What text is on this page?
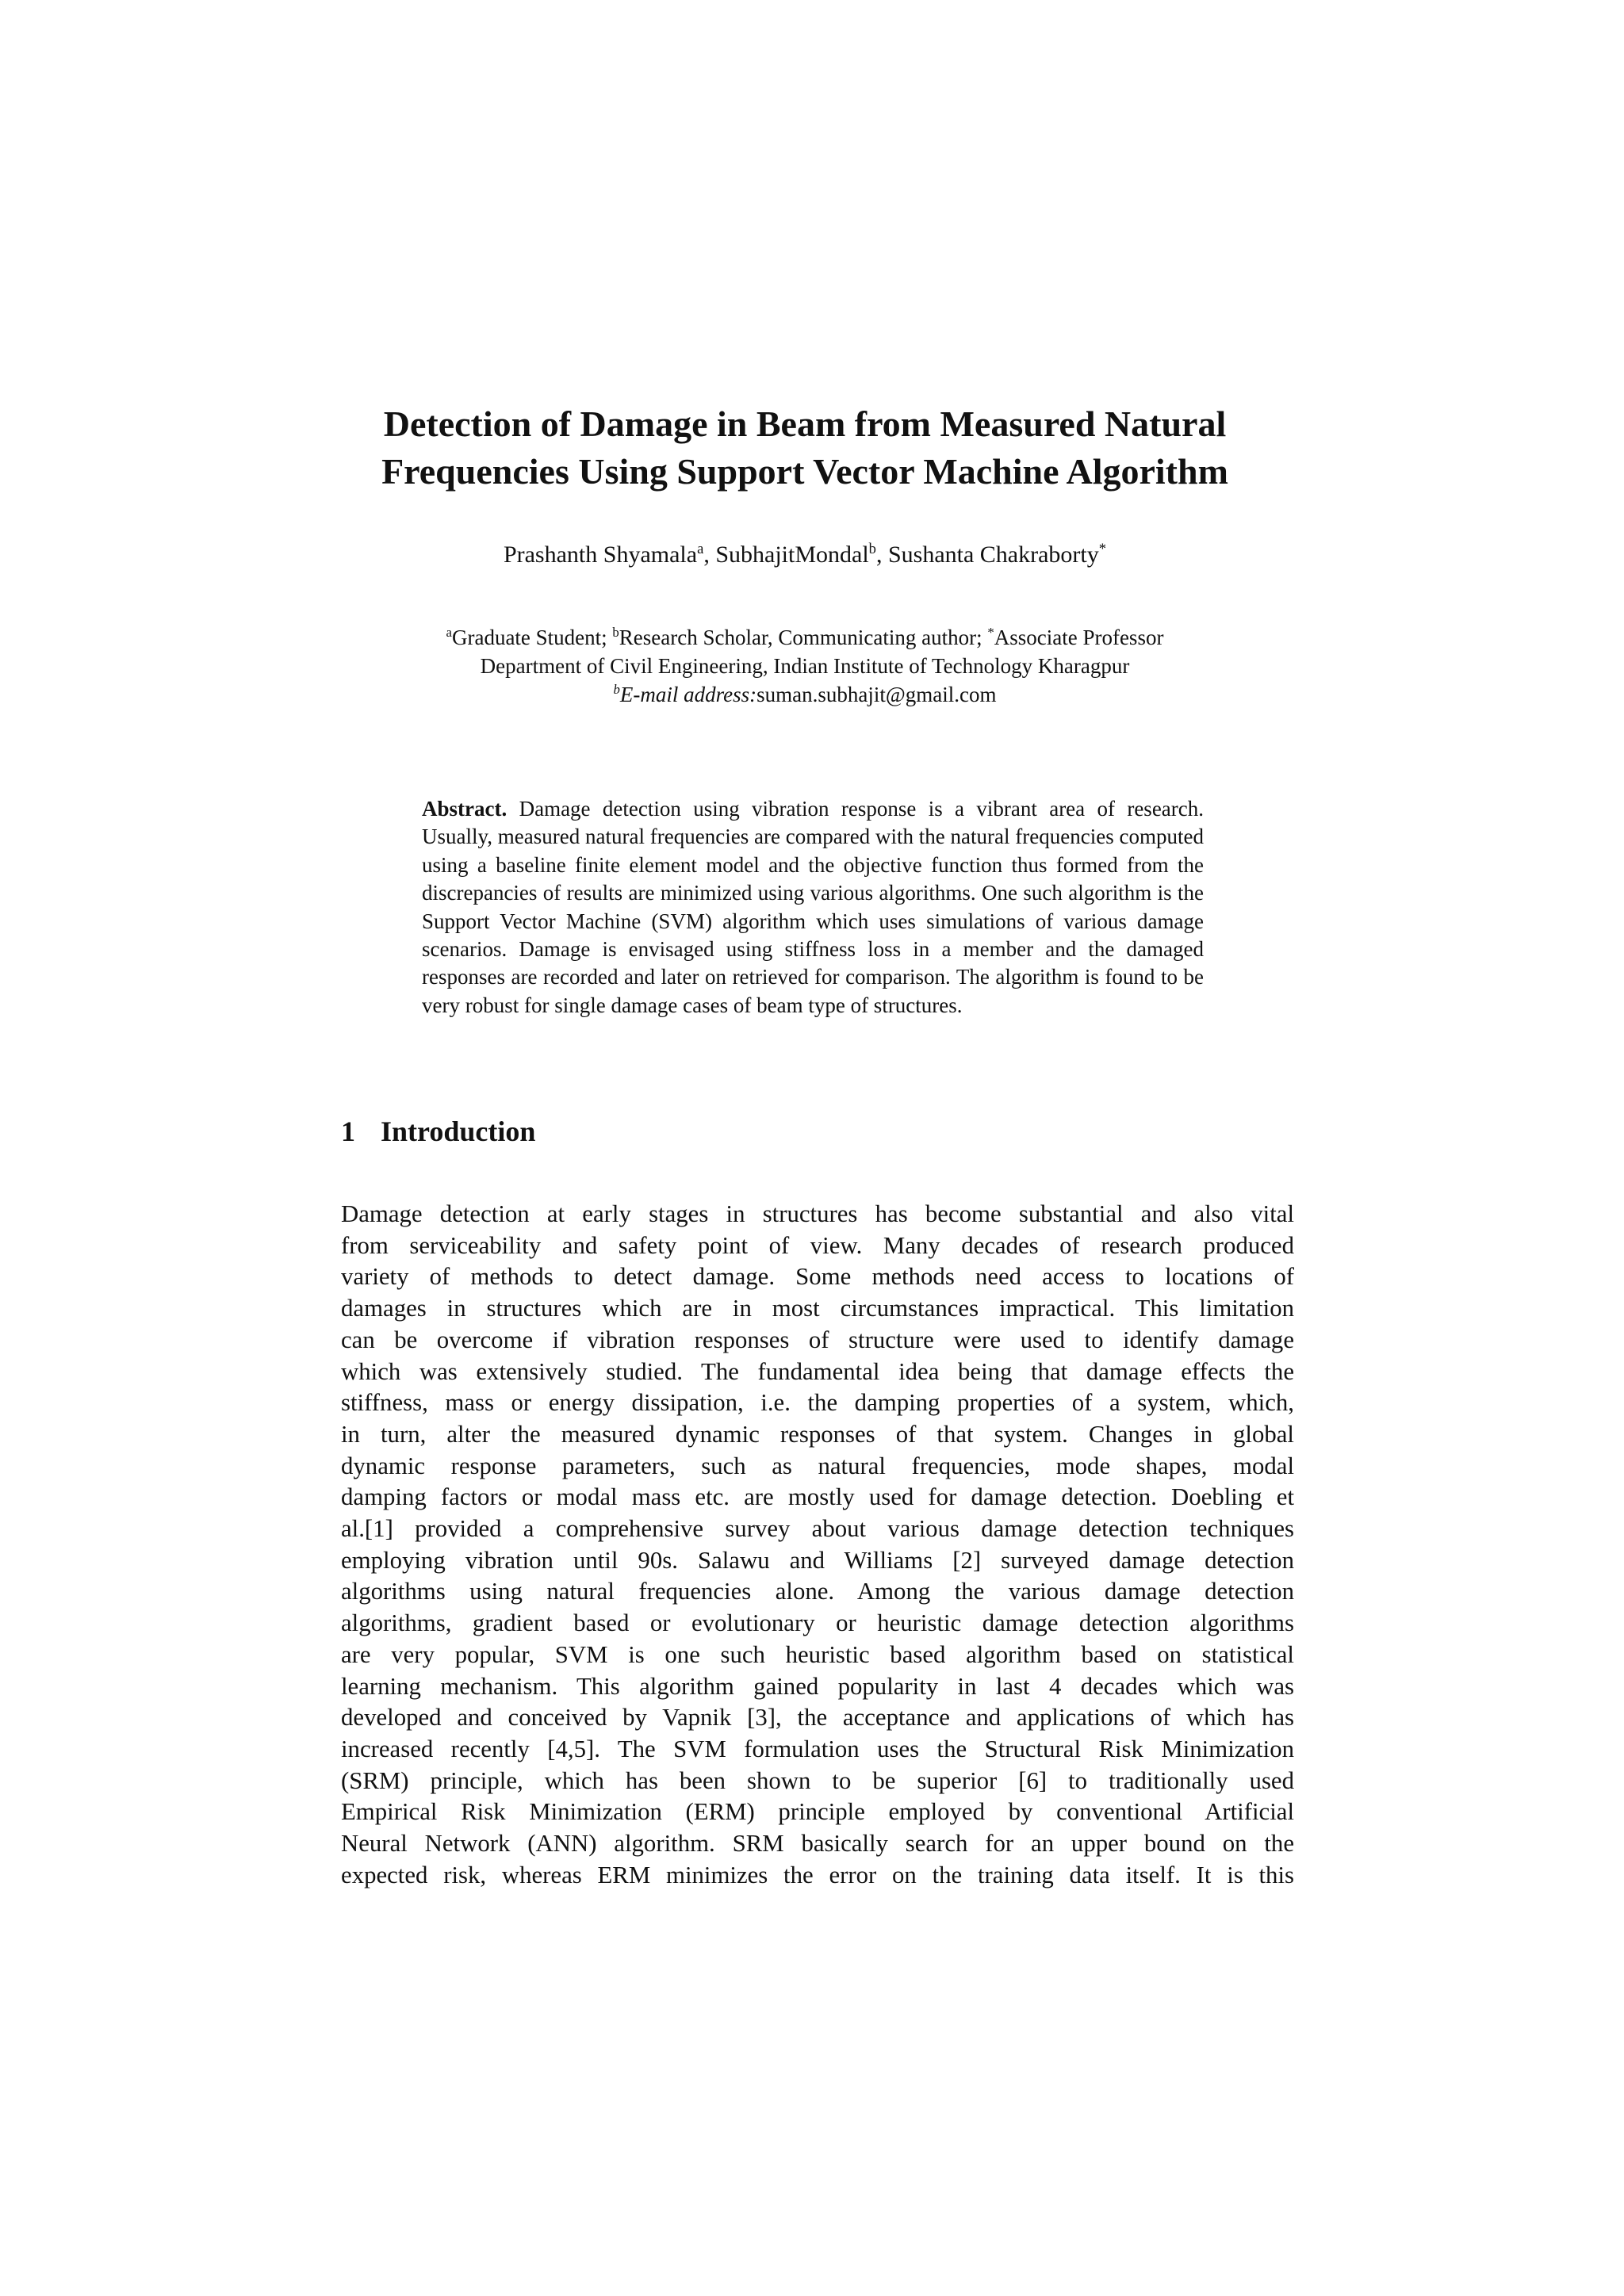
Detection of Damage in Beam from Measured Natural
Frequencies Using Support Vector Machine Algorithm
Prashanth Shyamala$^a$, SubhajitMondal$^b$, Sushanta Chakraborty*
$^a$Graduate Student; $^b$Research Scholar, Communicating author; *Associate Professor
Department of Civil Engineering, Indian Institute of Technology Kharagpur
$^b$E-mail address:suman.subhajit@gmail.com
Abstract. Damage detection using vibration response is a vibrant area of research. Usually, measured natural frequencies are compared with the natural frequencies computed using a baseline finite element model and the objective function thus formed from the discrepancies of results are minimized using various algorithms. One such algorithm is the Support Vector Machine (SVM) algorithm which uses simulations of various damage scenarios. Damage is envisaged using stiffness loss in a member and the damaged responses are recorded and later on retrieved for comparison. The algorithm is found to be very robust for single damage cases of beam type of structures.
1 Introduction
Damage detection at early stages in structures has become substantial and also vital
from serviceability and safety point of view. Many decades of research produced
variety of methods to detect damage. Some methods need access to locations of
damages in structures which are in most circumstances impractical. This limitation
can be overcome if vibration responses of structure were used to identify damage
which was extensively studied. The fundamental idea being that damage effects the
stiffness, mass or energy dissipation, i.e. the damping properties of a system, which,
in turn, alter the measured dynamic responses of that system. Changes in global
dynamic response parameters, such as natural frequencies, mode shapes, modal
damping factors or modal mass etc. are mostly used for damage detection. Doebling et
al.[1] provided a comprehensive survey about various damage detection techniques
employing vibration until 90s. Salawu and Williams [2] surveyed damage detection
algorithms using natural frequencies alone. Among the various damage detection
algorithms, gradient based or evolutionary or heuristic damage detection algorithms
are very popular, SVM is one such heuristic based algorithm based on statistical
learning mechanism. This algorithm gained popularity in last 4 decades which was
developed and conceived by Vapnik [3], the acceptance and applications of which has
increased recently [4,5]. The SVM formulation uses the Structural Risk Minimization
(SRM) principle, which has been shown to be superior [6] to traditionally used
Empirical Risk Minimization (ERM) principle employed by conventional Artificial
Neural Network (ANN) algorithm. SRM basically search for an upper bound on the
expected risk, whereas ERM minimizes the error on the training data itself. It is this
